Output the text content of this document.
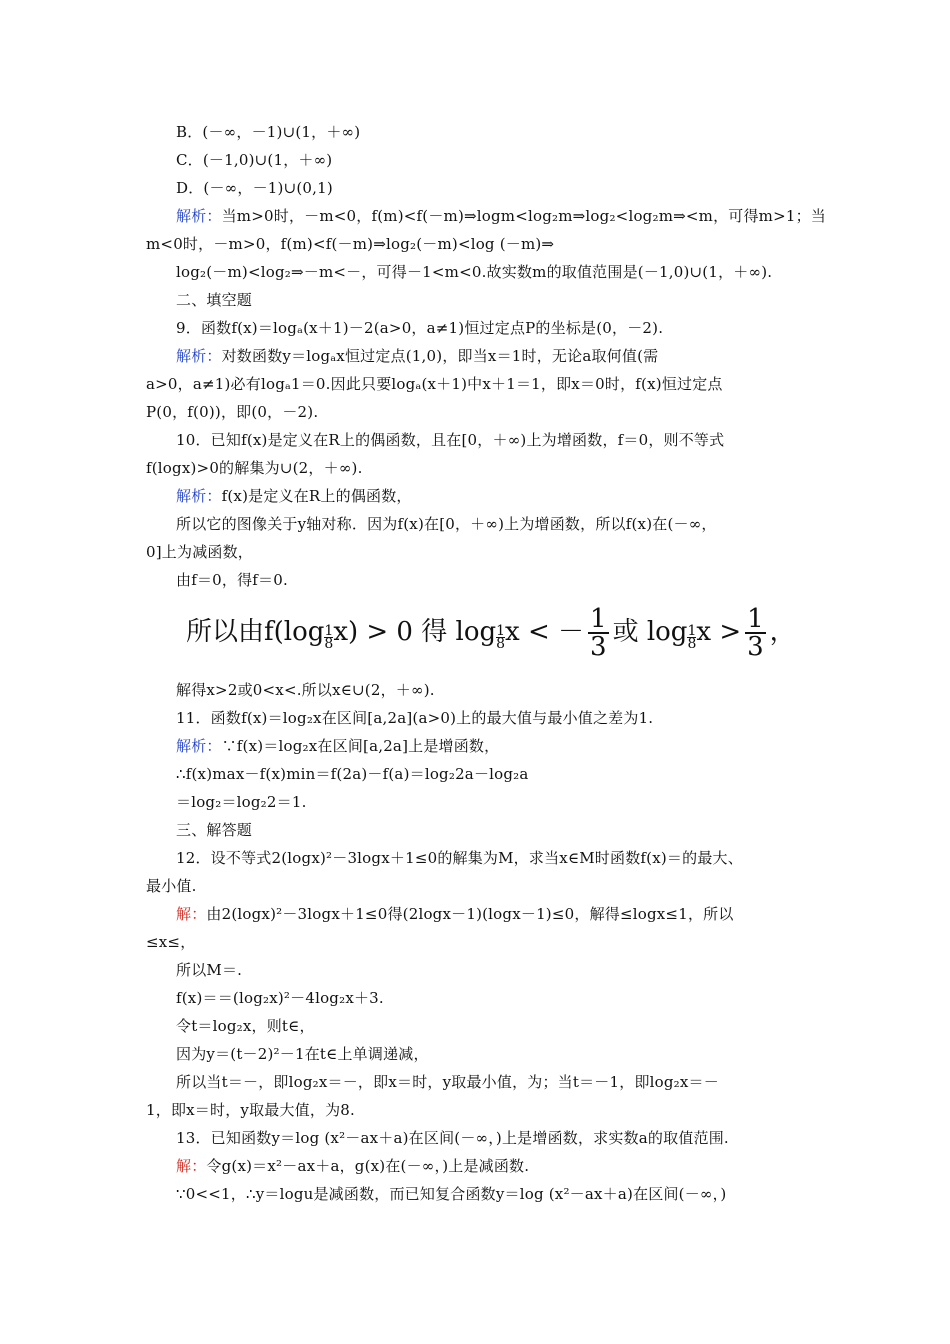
B．(－∞，－1)∪(1，＋∞)
C．(－1,0)∪(1，＋∞)
D．(－∞，－1)∪(0,1)
解析：当m>0时，－m<0，f(m)<f(－m)⇒logm<log₂m⇒log₂<log₂m⇒<m，可得m>1；当
m<0时，－m>0，f(m)<f(－m)⇒log₂(－m)<log (－m)⇒
log₂(－m)<log₂⇒－m<－，可得－1<m<0.故实数m的取值范围是(－1,0)∪(1，＋∞).
二、填空题
9．函数f(x)＝logₐ(x＋1)－2(a>0，a≠1)恒过定点P的坐标是(0，－2).
解析：对数函数y＝logₐx恒过定点(1,0)，即当x＝1时，无论a取何值(需
a>0，a≠1)必有logₐ1＝0.因此只要logₐ(x＋1)中x＋1＝1，即x＝0时，f(x)恒过定点
P(0，f(0))，即(0，－2).
10．已知f(x)是定义在R上的偶函数，且在[0，＋∞)上为增函数，f＝0，则不等式
f(logx)>0的解集为∪(2，＋∞).
解析：f(x)是定义在R上的偶函数，
所以它的图像关于y轴对称．因为f(x)在[0，＋∞)上为增函数，所以f(x)在(－∞，
0]上为减函数，
由f＝0，得f＝0.
所以由$f(\log \frac{1}{8} x) > 0$ 得 $\log \frac{1}{8}$ x < － $\frac{1}{3}$ 或 $\log \frac{1}{8}$ $x > \frac{1}{3}$ ，
解得x>2或0<x<.所以x∈∪(2，＋∞).
11．函数f(x)＝log₂x在区间[a,2a](a>0)上的最大值与最小值之差为1.
解析：∵f(x)＝log₂x在区间[a,2a]上是增函数，
∴f(x)max－f(x)min＝f(2a)－f(a)＝log₂2a－log₂a
＝log₂＝log₂2＝1.
三、解答题
12．设不等式2(logx)²－3logx＋1≤0的解集为M，求当x∈M时函数f(x)＝的最大、
最小值.
解：由2(logx)²－3logx＋1≤0得(2logx－1)(logx－1)≤0，解得≤logx≤1，所以
≤x≤，
所以M＝.
f(x)＝＝(log₂x)²－4log₂x＋3.
令t＝log₂x，则t∈，
因为y＝(t－2)²－1在t∈上单调递减，
所以当t＝－，即log₂x＝－，即x＝时，y取最小值，为；当t＝－1，即log₂x＝－
1，即x＝时，y取最大值，为8.
13．已知函数y＝log (x²－ax＋a)在区间(－∞，)上是增函数，求实数a的取值范围.
解：令g(x)＝x²－ax＋a，g(x)在(－∞，)上是减函数.
∵0<<1，∴y＝logu是减函数，而已知复合函数y＝log (x²－ax＋a)在区间(－∞，)
